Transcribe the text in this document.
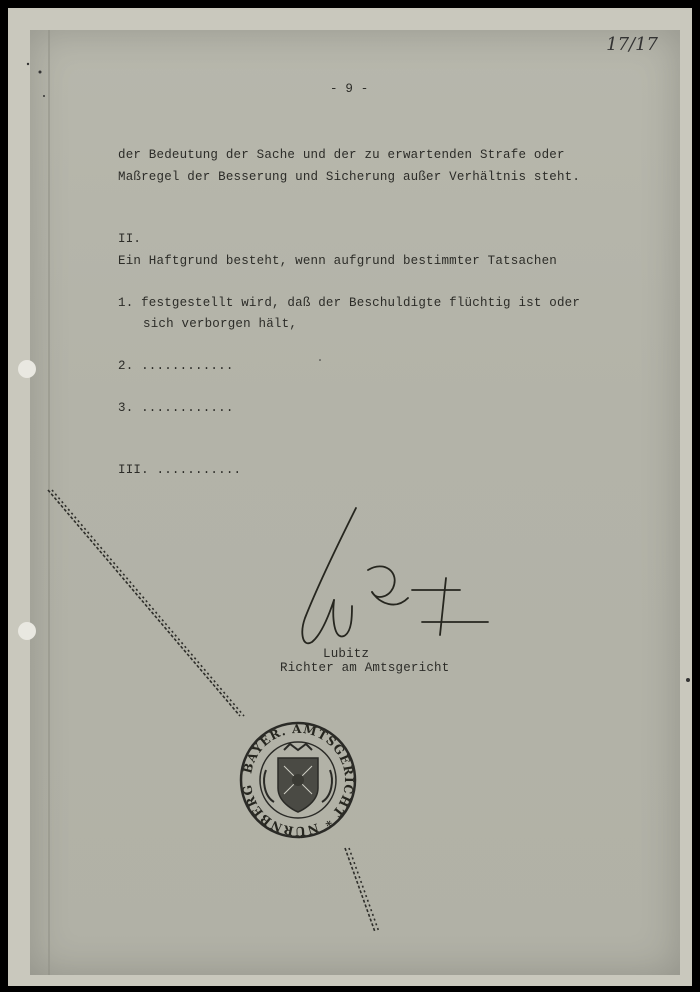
17/17
- 9 -
der Bedeutung der Sache und der zu erwartenden Strafe oder
Maßregel der Besserung und Sicherung außer Verhältnis steht.
II.
Ein Haftgrund besteht, wenn aufgrund bestimmter Tatsachen
1. festgestellt wird, daß der Beschuldigte flüchtig ist oder
sich verborgen hält,
2. ............
3. ............
III. ...........
Lubitz
Richter am Amtsgericht
BAYER. AMTSGERICHT * NÜRNBERG
